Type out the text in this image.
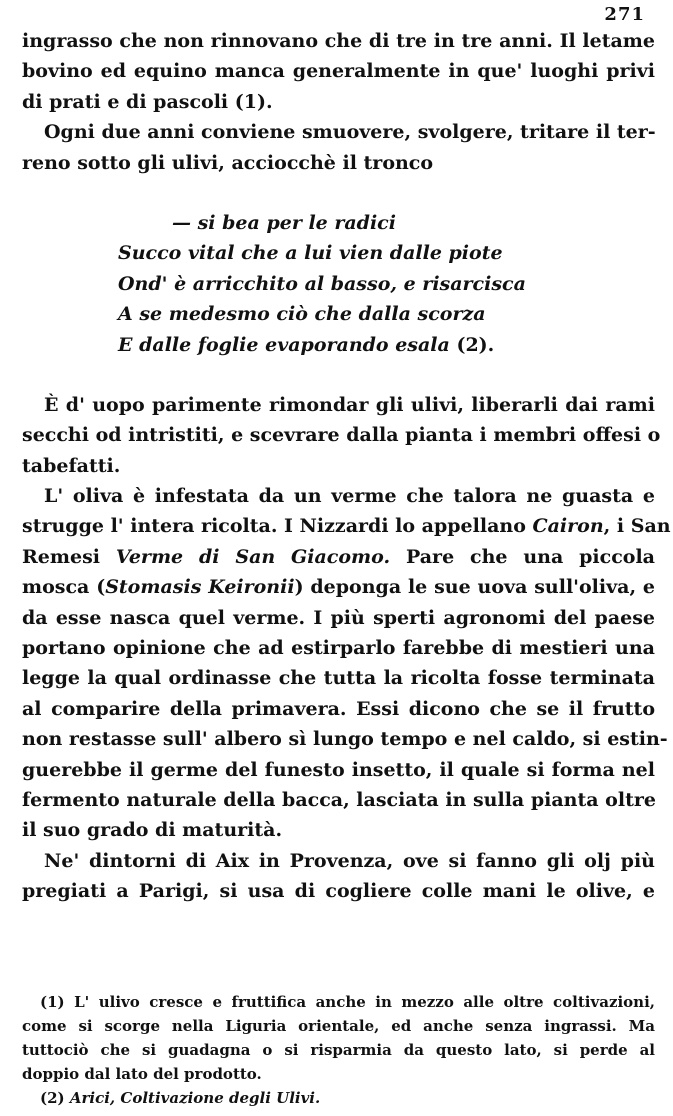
271
ingrasso che non rinnovano che di tre in tre anni. Il letame
bovino ed equino manca generalmente in que' luoghi privi
di prati e di pascoli (1).
Ogni due anni conviene smuovere, svolgere, tritare il ter-
reno sotto gli ulivi, acciocchè il tronco
— si bea per le radici
Succo vital che a lui vien dalle piote
Ond' è arricchito al basso, e risarcisca
A se medesmo ciò che dalla scorza
E dalle foglie evaporando esala (2).
È d' uopo parimente rimondar gli ulivi, liberarli dai rami
secchi od intristiti, e scevrare dalla pianta i membri offesi o
tabefatti.
L' oliva è infestata da un verme che talora ne guasta e
strugge l' intera ricolta. I Nizzardi lo appellano Cairon, i San
Remesi Verme di San Giacomo. Pare che una piccola
mosca (Stomasis Keironii) deponga le sue uova sull'oliva, e
da esse nasca quel verme. I più sperti agronomi del paese
portano opinione che ad estirparlo farebbe di mestieri una
legge la qual ordinasse che tutta la ricolta fosse terminata
al comparire della primavera. Essi dicono che se il frutto
non restasse sull' albero sì lungo tempo e nel caldo, si estin-
guerebbe il germe del funesto insetto, il quale si forma nel
fermento naturale della bacca, lasciata in sulla pianta oltre
il suo grado di maturità.
Ne' dintorni di Aix in Provenza, ove si fanno gli olj più
pregiati a Parigi, si usa di cogliere colle mani le olive, e
(1) L' ulivo cresce e fruttifica anche in mezzo alle oltre coltivazioni,
come si scorge nella Liguria orientale, ed anche senza ingrassi. Ma
tuttociò che si guadagna o si risparmia da questo lato, si perde al
doppio dal lato del prodotto.
(2) Arici, Coltivazione degli Ulivi.
